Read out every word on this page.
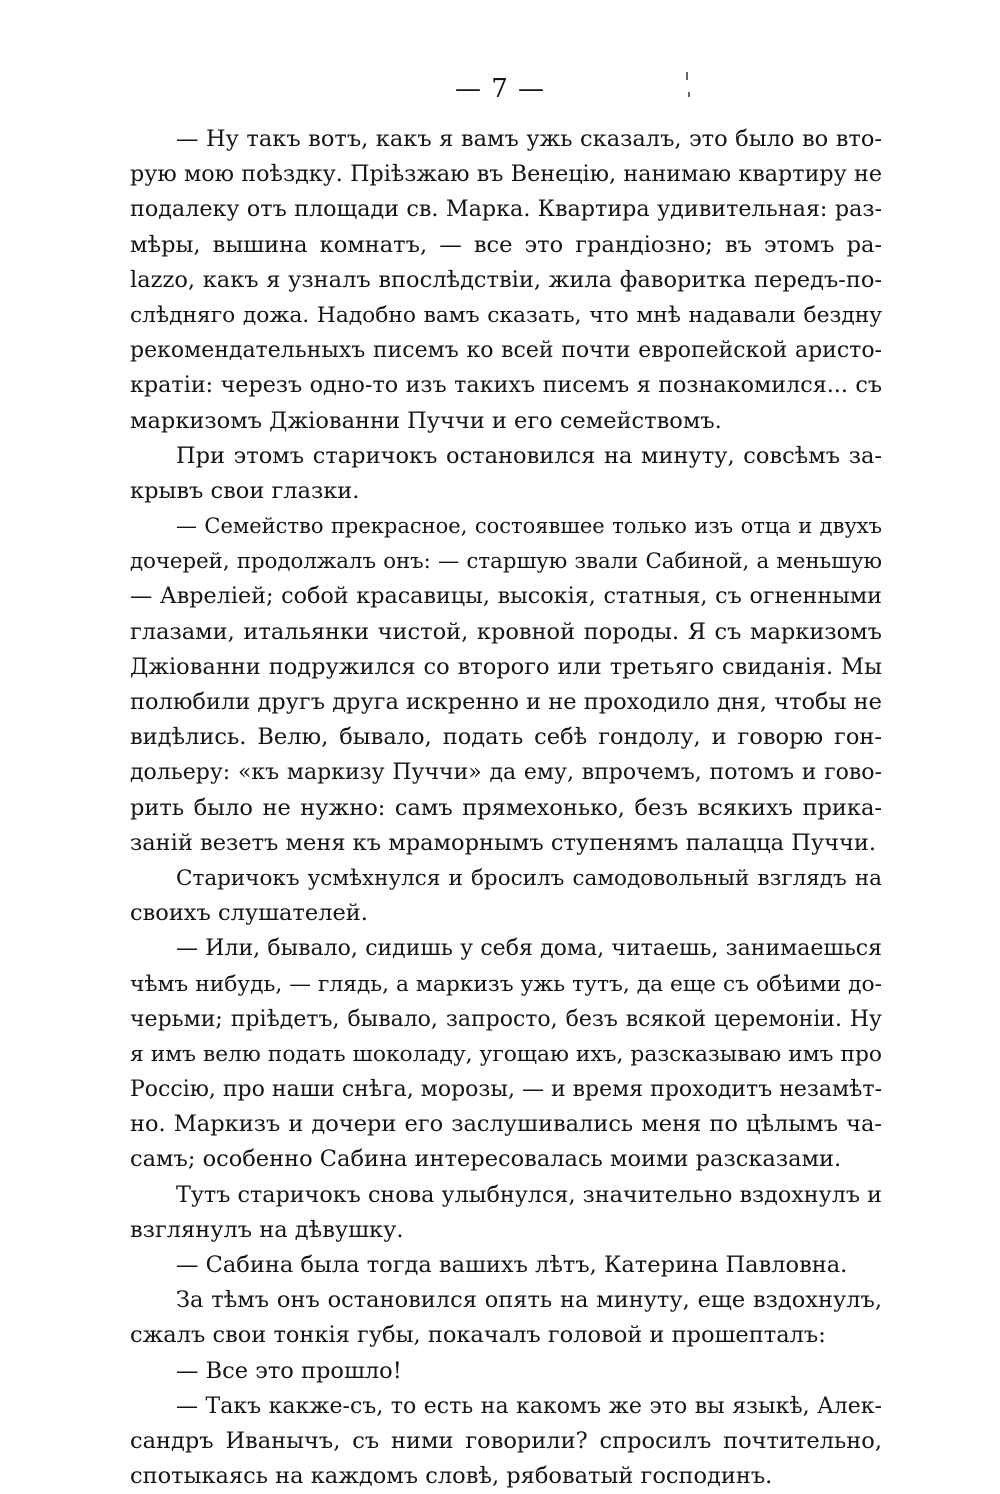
— 7 —
— Ну такъ вотъ, какъ я вамъ ужь сказалъ, это было во вто-
рую мою поѣздку. Пріѣзжаю въ Венецію, нанимаю квартиру не
подалеку отъ площади св. Марка. Квартира удивительная: раз-
мѣры, вышина комнатъ, — все это грандіозно; въ этомъ pa-
lazzo, какъ я узналъ впослѣдствіи, жила фаворитка передъ-по-
слѣдняго дожа. Надобно вамъ сказать, что мнѣ надавали бездну
рекомендательныхъ писемъ ко всей почти европейской аристо-
кратіи: черезъ одно-то изъ такихъ писемъ я познакомился... съ
маркизомъ Джіованни Пуччи и его семействомъ.
При этомъ старичокъ остановился на минуту, совсѣмъ за-
крывъ свои глазки.
— Семейство прекрасное, состоявшее только изъ отца и двухъ
дочерей, продолжалъ онъ: — старшую звали Сабиной, а меньшую
— Авреліей; собой красавицы, высокія, статныя, съ огненными
глазами, итальянки чистой, кровной породы. Я съ маркизомъ
Джіованни подружился со второго или третьяго свиданія. Мы
полюбили другъ друга искренно и не проходило дня, чтобы не
видѣлись. Велю, бывало, подать себѣ гондолу, и говорю гон-
дольеру: «къ маркизу Пуччи» да ему, впрочемъ, потомъ и гово-
рить было не нужно: самъ прямехонько, безъ всякихъ прика-
заній везетъ меня къ мраморнымъ ступенямъ палацца Пуччи.
Старичокъ усмѣхнулся и бросилъ самодовольный взглядъ на
своихъ слушателей.
— Или, бывало, сидишь у себя дома, читаешь, занимаешься
чѣмъ нибудь, — глядь, а маркизъ ужь тутъ, да еще съ обѣими до-
черьми; пріѣдетъ, бывало, запросто, безъ всякой церемоніи. Ну
я имъ велю подать шоколаду, угощаю ихъ, разсказываю имъ про
Россію, про наши снѣга, морозы, — и время проходитъ незамѣт-
но. Маркизъ и дочери его заслушивались меня по цѣлымъ ча-
самъ; особенно Сабина интересовалась моими разсказами.
Тутъ старичокъ снова улыбнулся, значительно вздохнулъ и
взглянулъ на дѣвушку.
— Сабина была тогда вашихъ лѣтъ, Катерина Павловна.
За тѣмъ онъ остановился опять на минуту, еще вздохнулъ,
сжалъ свои тонкія губы, покачалъ головой и прошепталъ:
— Все это прошло!
— Такъ какже-съ, то есть на какомъ же это вы языкѣ, Алек-
сандръ Иванычъ, съ ними говорили? спросилъ почтительно,
спотыкаясь на каждомъ словѣ, рябоватый господинъ.
